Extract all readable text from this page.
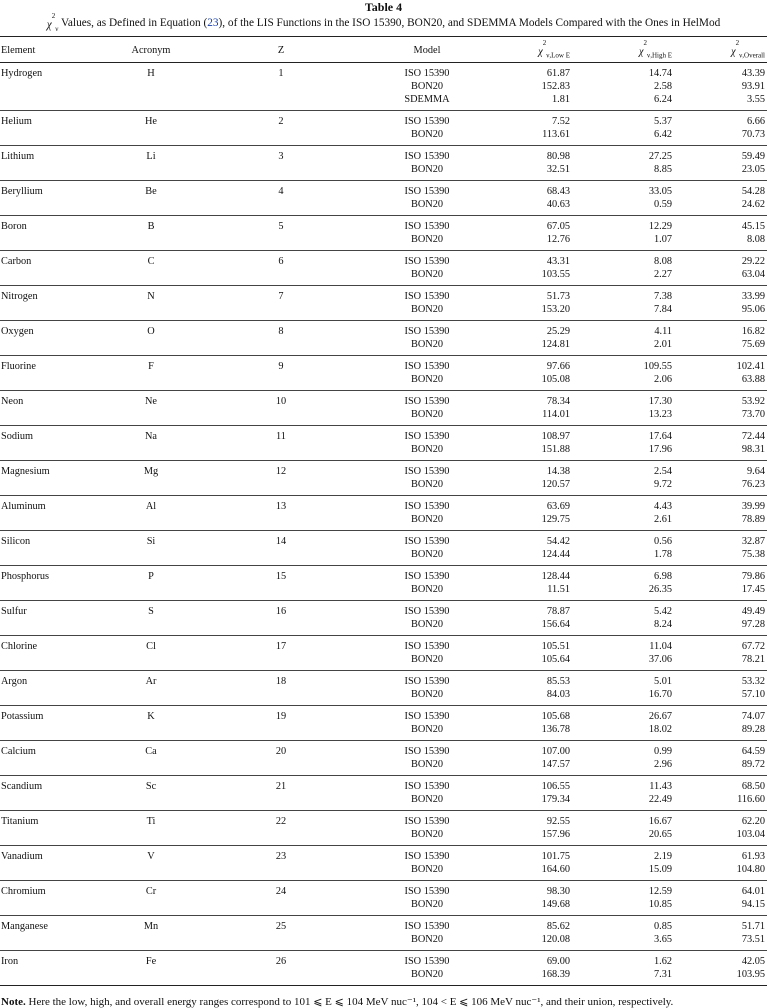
Table 4
$\chi^2_\nu$ Values, as Defined in Equation (23), of the LIS Functions in the ISO 15390, BON20, and SDEMMA Models Compared with the Ones in HelMod
Element	Acronym	Z	Model	$\chi^2_{\nu,Low E}$	$\chi^2_{\nu,High E}$	$\chi^2_{\nu,Overall}$
Hydrogen	H	1	ISO 15390	61.87	14.74	43.39
			BON20	152.83	2.58	93.91
			SDEMMA	1.81	6.24	3.55
Helium	He	2	ISO 15390	7.52	5.37	6.66
			BON20	113.61	6.42	70.73
Lithium	Li	3	ISO 15390	80.98	27.25	59.49
			BON20	32.51	8.85	23.05
Beryllium	Be	4	ISO 15390	68.43	33.05	54.28
			BON20	40.63	0.59	24.62
Boron	B	5	ISO 15390	67.05	12.29	45.15
			BON20	12.76	1.07	8.08
Carbon	C	6	ISO 15390	43.31	8.08	29.22
			BON20	103.55	2.27	63.04
Nitrogen	N	7	ISO 15390	51.73	7.38	33.99
			BON20	153.20	7.84	95.06
Oxygen	O	8	ISO 15390	25.29	4.11	16.82
			BON20	124.81	2.01	75.69
Fluorine	F	9	ISO 15390	97.66	109.55	102.41
			BON20	105.08	2.06	63.88
Neon	Ne	10	ISO 15390	78.34	17.30	53.92
			BON20	114.01	13.23	73.70
Sodium	Na	11	ISO 15390	108.97	17.64	72.44
			BON20	151.88	17.96	98.31
Magnesium	Mg	12	ISO 15390	14.38	2.54	9.64
			BON20	120.57	9.72	76.23
Aluminum	Al	13	ISO 15390	63.69	4.43	39.99
			BON20	129.75	2.61	78.89
Silicon	Si	14	ISO 15390	54.42	0.56	32.87
			BON20	124.44	1.78	75.38
Phosphorus	P	15	ISO 15390	128.44	6.98	79.86
			BON20	11.51	26.35	17.45
Sulfur	S	16	ISO 15390	78.87	5.42	49.49
			BON20	156.64	8.24	97.28
Chlorine	Cl	17	ISO 15390	105.51	11.04	67.72
			BON20	105.64	37.06	78.21
Argon	Ar	18	ISO 15390	85.53	5.01	53.32
			BON20	84.03	16.70	57.10
Potassium	K	19	ISO 15390	105.68	26.67	74.07
			BON20	136.78	18.02	89.28
Calcium	Ca	20	ISO 15390	107.00	0.99	64.59
			BON20	147.57	2.96	89.72
Scandium	Sc	21	ISO 15390	106.55	11.43	68.50
			BON20	179.34	22.49	116.60
Titanium	Ti	22	ISO 15390	92.55	16.67	62.20
			BON20	157.96	20.65	103.04
Vanadium	V	23	ISO 15390	101.75	2.19	61.93
			BON20	164.60	15.09	104.80
Chromium	Cr	24	ISO 15390	98.30	12.59	64.01
			BON20	149.68	10.85	94.15
Manganese	Mn	25	ISO 15390	85.62	0.85	51.71
			BON20	120.08	3.65	73.51
Iron	Fe	26	ISO 15390	69.00	1.62	42.05
			BON20	168.39	7.31	103.95
Note. Here the low, high, and overall energy ranges correspond to 101 ⩽ E ⩽ 104 MeV nuc⁻¹, 104 < E ⩽ 106 MeV nuc⁻¹, and their union, respectively.
